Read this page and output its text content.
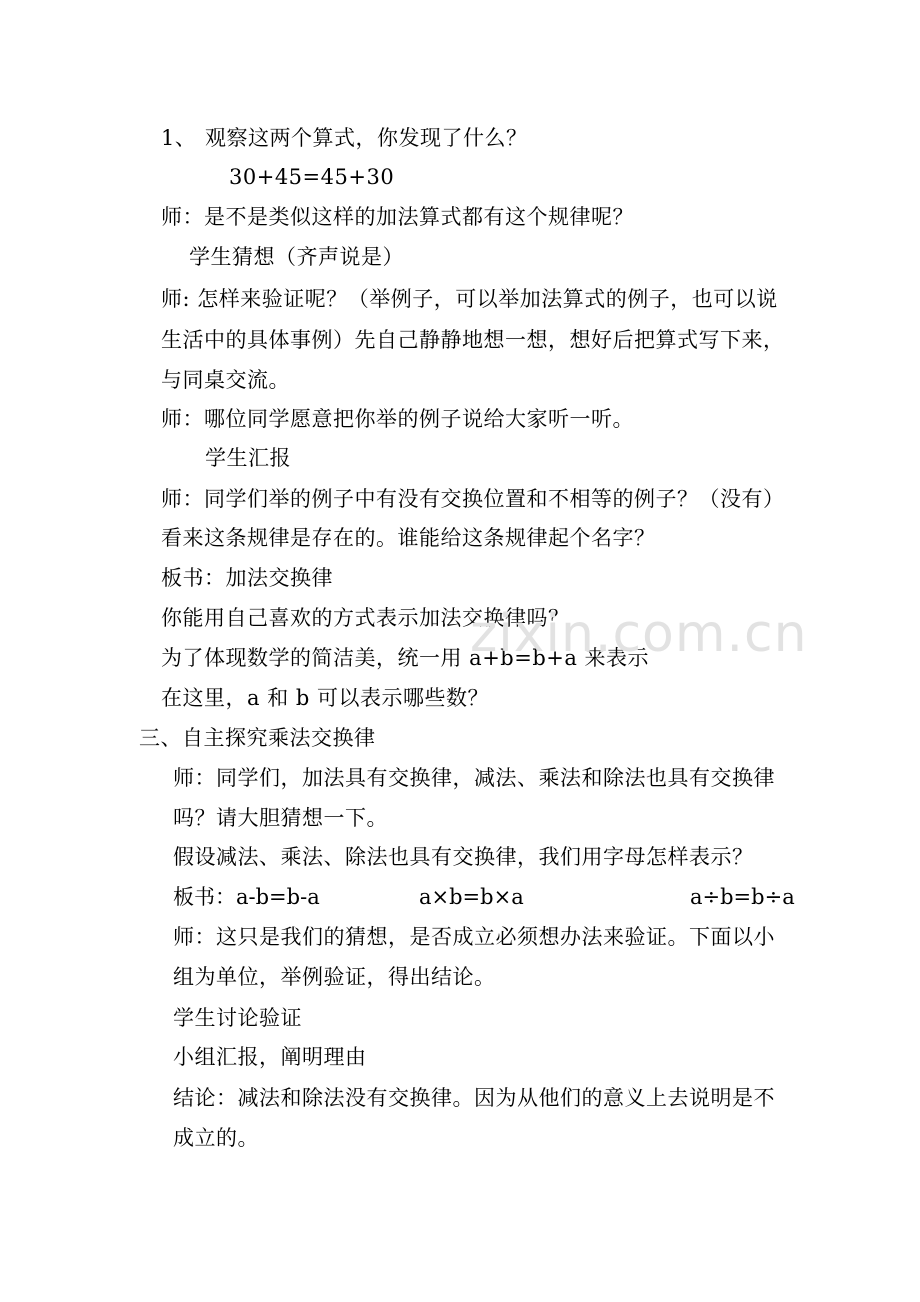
1、 观察这两个算式，你发现了什么？
30+45=45+30
师：是不是类似这样的加法算式都有这个规律呢？
学生猜想（齐声说是）
师: 怎样来验证呢？（举例子，可以举加法算式的例子，也可以说
生活中的具体事例）先自己静静地想一想，想好后把算式写下来，
与同桌交流。
师：哪位同学愿意把你举的例子说给大家听一听。
学生汇报
师：同学们举的例子中有没有交换位置和不相等的例子？（没有）
看来这条规律是存在的。谁能给这条规律起个名字？
板书：加法交换律
你能用自己喜欢的方式表示加法交换律吗？
为了体现数学的简洁美，统一用 a+b=b+a 来表示
在这里，a 和 b 可以表示哪些数？
三、自主探究乘法交换律
师：同学们，加法具有交换律，减法、乘法和除法也具有交换律
吗？请大胆猜想一下。
假设减法、乘法、除法也具有交换律，我们用字母怎样表示？
板书： a-b=b-a	a×b=b×a	a÷b=b÷a
师：这只是我们的猜想，是否成立必须想办法来验证。下面以小
组为单位，举例验证，得出结论。
学生讨论验证
小组汇报，阐明理由
结论：减法和除法没有交换律。因为从他们的意义上去说明是不
成立的。
zixin.com.cn
